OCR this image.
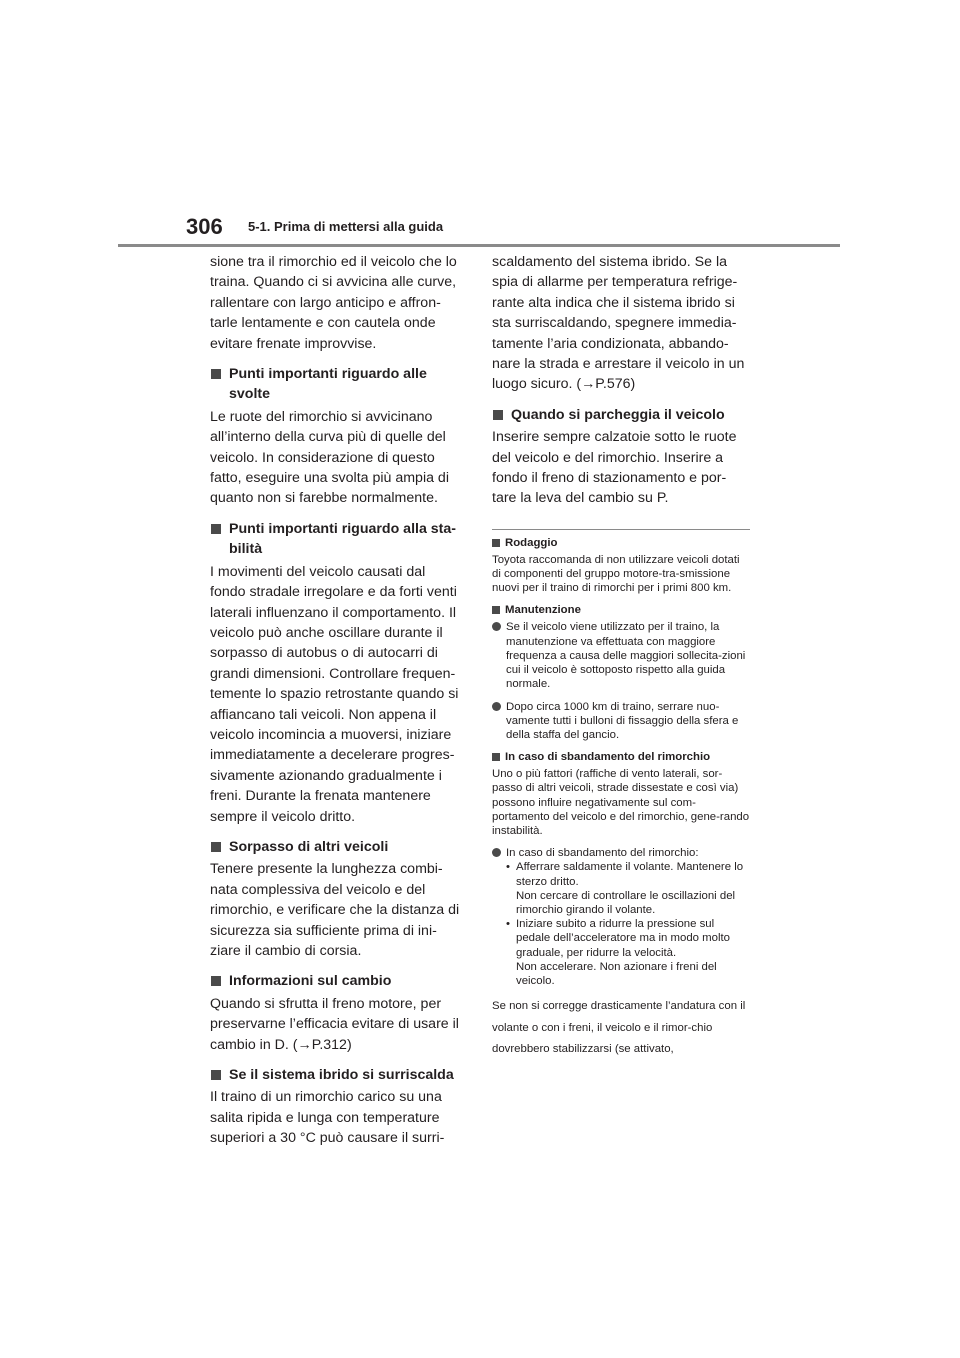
306 5-1. Prima di mettersi alla guida

sione tra il rimorchio ed il veicolo che lo traina. Quando ci si avvicina alle curve, rallentare con largo anticipo e affron-tarle lentamente e con cautela onde evitare frenate improvvise.

Punti importanti riguardo alle svolte

Le ruote del rimorchio si avvicinano all’interno della curva più di quelle del veicolo. In considerazione di questo fatto, eseguire una svolta più ampia di quanto non si farebbe normalmente.

Punti importanti riguardo alla sta-bilità

I movimenti del veicolo causati dal fondo stradale irregolare e da forti venti laterali influenzano il comportamento. Il veicolo può anche oscillare durante il sorpasso di autobus o di autocarri di grandi dimensioni. Controllare frequen-temente lo spazio retrostante quando si affiancano tali veicoli. Non appena il veicolo incomincia a muoversi, iniziare immediatamente a decelerare progres-sivamente azionando gradualmente i freni. Durante la frenata mantenere sempre il veicolo dritto.

Sorpasso di altri veicoli

Tenere presente la lunghezza combi-nata complessiva del veicolo e del rimorchio, e verificare che la distanza di sicurezza sia sufficiente prima di ini-ziare il cambio di corsia.

Informazioni sul cambio

Quando si sfrutta il freno motore, per preservarne l’efficacia evitare di usare il cambio in D. (→P.312)

Se il sistema ibrido si surriscalda

Il traino di un rimorchio carico su una salita ripida e lunga con temperature superiori a 30 °C può causare il surri-

scaldamento del sistema ibrido. Se la spia di allarme per temperatura refrige-rante alta indica che il sistema ibrido si sta surriscaldando, spegnere immedia-tamente l’aria condizionata, abbando-nare la strada e arrestare il veicolo in un luogo sicuro. (→P.576)

Quando si parcheggia il veicolo

Inserire sempre calzatoie sotto le ruote del veicolo e del rimorchio. Inserire a fondo il freno di stazionamento e por-tare la leva del cambio su P.

Rodaggio

Toyota raccomanda di non utilizzare veicoli dotati di componenti del gruppo motore-tra-smissione nuovi per il traino di rimorchi per i primi 800 km.

Manutenzione
Se il veicolo viene utilizzato per il traino, la manutenzione va effettuata con maggiore frequenza a causa delle maggiori sollecita-zioni cui il veicolo è sottoposto rispetto alla guida normale.
Dopo circa 1000 km di traino, serrare nuo-vamente tutti i bulloni di fissaggio della sfera e della staffa del gancio.
In caso di sbandamento del rimorchio

Uno o più fattori (raffiche di vento laterali, sor-passo di altri veicoli, strade dissestate e così via) possono influire negativamente sul com-portamento del veicolo e del rimorchio, gene-rando instabilità.

In caso di sbandamento del rimorchio:
• Afferrare saldamente il volante. Mantenere lo sterzo dritto.
Non cercare di controllare le oscillazioni del rimorchio girando il volante.
• Iniziare subito a ridurre la pressione sul pedale dell’acceleratore ma in modo molto graduale, per ridurre la velocità.
Non accelerare. Non azionare i freni del veicolo.

Se non si corregge drasticamente l’andatura con il volante o con i freni, il veicolo e il rimor-chio dovrebbero stabilizzarsi (se attivato,
